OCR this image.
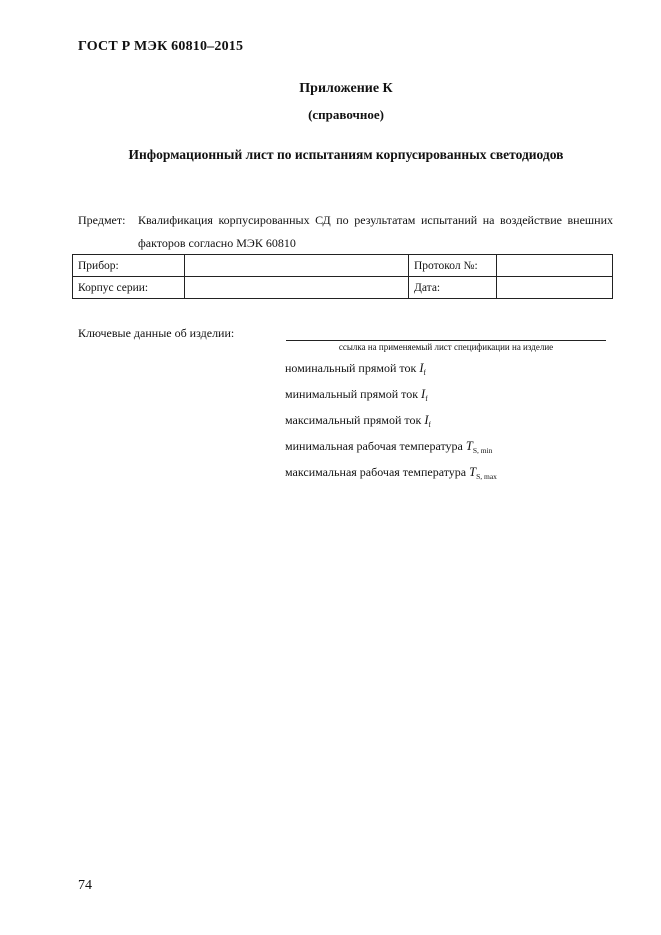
ГОСТ Р МЭК 60810–2015
Приложение К
(справочное)
Информационный лист по испытаниям корпусированных светодиодов
Предмет: Квалификация корпусированных СД по результатам испытаний на воздействие внешних факторов согласно МЭК 60810
Прибор:		Протокол №:	
Корпус серии:		Дата:	
Ключевые данные об изделии:
ссылка на применяемый лист спецификации на изделие
номинальный прямой ток $I_f$
минимальный прямой ток $I_f$
максимальный прямой ток $I_f$
минимальная рабочая температура $T_{S, min}$
максимальная рабочая температура $T_{S, max}$
74
